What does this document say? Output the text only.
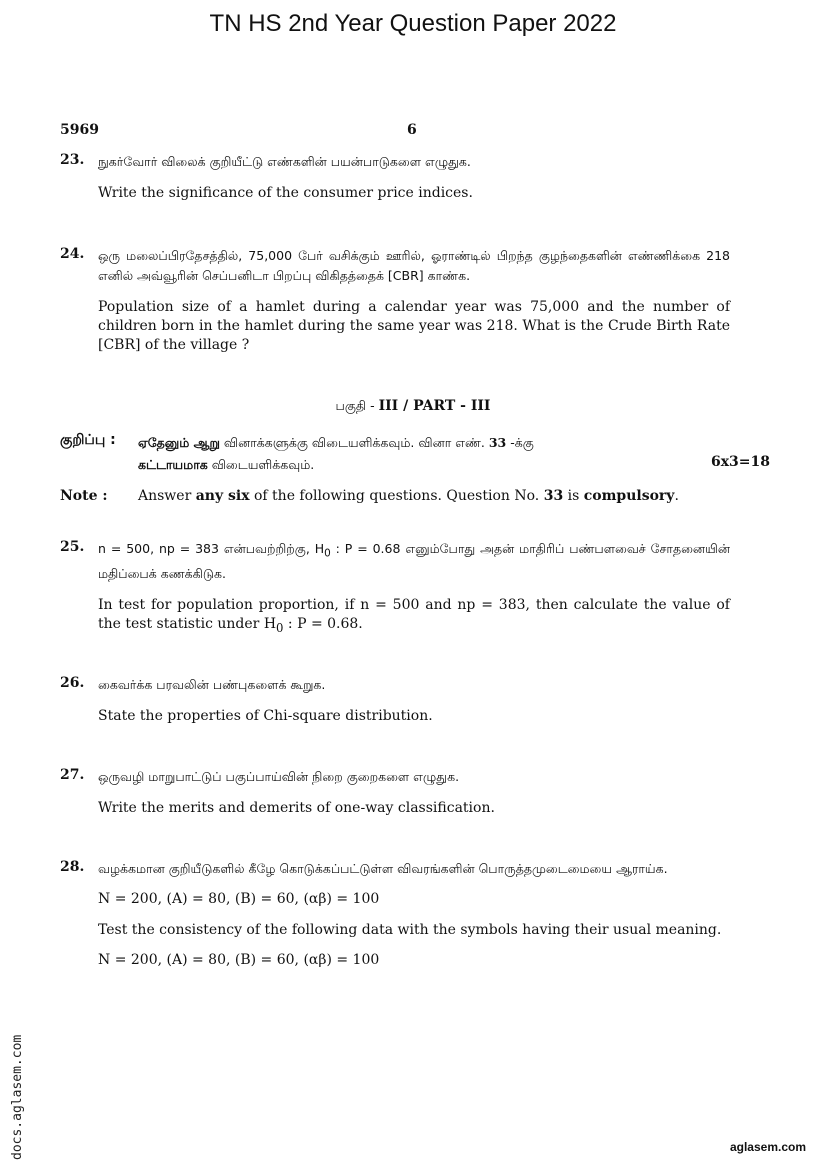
TN HS 2nd Year Question Paper 2022
5969	6
23. நுகர்வோர் விலைக் குறியீட்டு எண்களின் பயன்பாடுகளை எழுதுக.
Write the significance of the consumer price indices.
24. ஒரு மலைப்பிரதேசத்தில், 75,000 பேர் வசிக்கும் ஊரில், ஓராண்டில் பிறந்த குழந்தைகளின் எண்ணிக்கை 218 எனில் அவ்வூரின் செப்பனிடா பிறப்பு விகிதத்தைக் [CBR] காண்க.
Population size of a hamlet during a calendar year was 75,000 and the number of children born in the hamlet during the same year was 218. What is the Crude Birth Rate [CBR] of the village ?
பகுதி - III / PART - III
குறிப்பு : ஏதேனும் ஆறு வினாக்களுக்கு விடையளிக்கவும். வினா எண். 33 -க்கு
கட்டாயமாக விடையளிக்கவும்.	6x3=18
Note : Answer any six of the following questions. Question No. 33 is compulsory.
25. n = 500, np = 383 என்பவற்றிற்கு, $H_0$ : P = 0.68 எனும்போது அதன் மாதிரிப் பண்பளவைச் சோதனையின் மதிப்பைக் கணக்கிடுக.
In test for population proportion, if n = 500 and np = 383, then calculate the value of the test statistic under $H_0$ : P = 0.68.
26. கைவர்க்க பரவலின் பண்புகளைக் கூறுக.
State the properties of Chi-square distribution.
27. ஒருவழி மாறுபாட்டுப் பகுப்பாய்வின் நிறை குறைகளை எழுதுக.
Write the merits and demerits of one-way classification.
28. வழக்கமான குறியீடுகளில் கீழே கொடுக்கப்பட்டுள்ள விவரங்களின் பொருத்தமுடைமையை ஆராய்க.
N = 200, (A) = 80, (B) = 60, (αβ) = 100
Test the consistency of the following data with the symbols having their usual meaning.
N = 200, (A) = 80, (B) = 60, (αβ) = 100
docs.aglasem.com	aglasem.com
